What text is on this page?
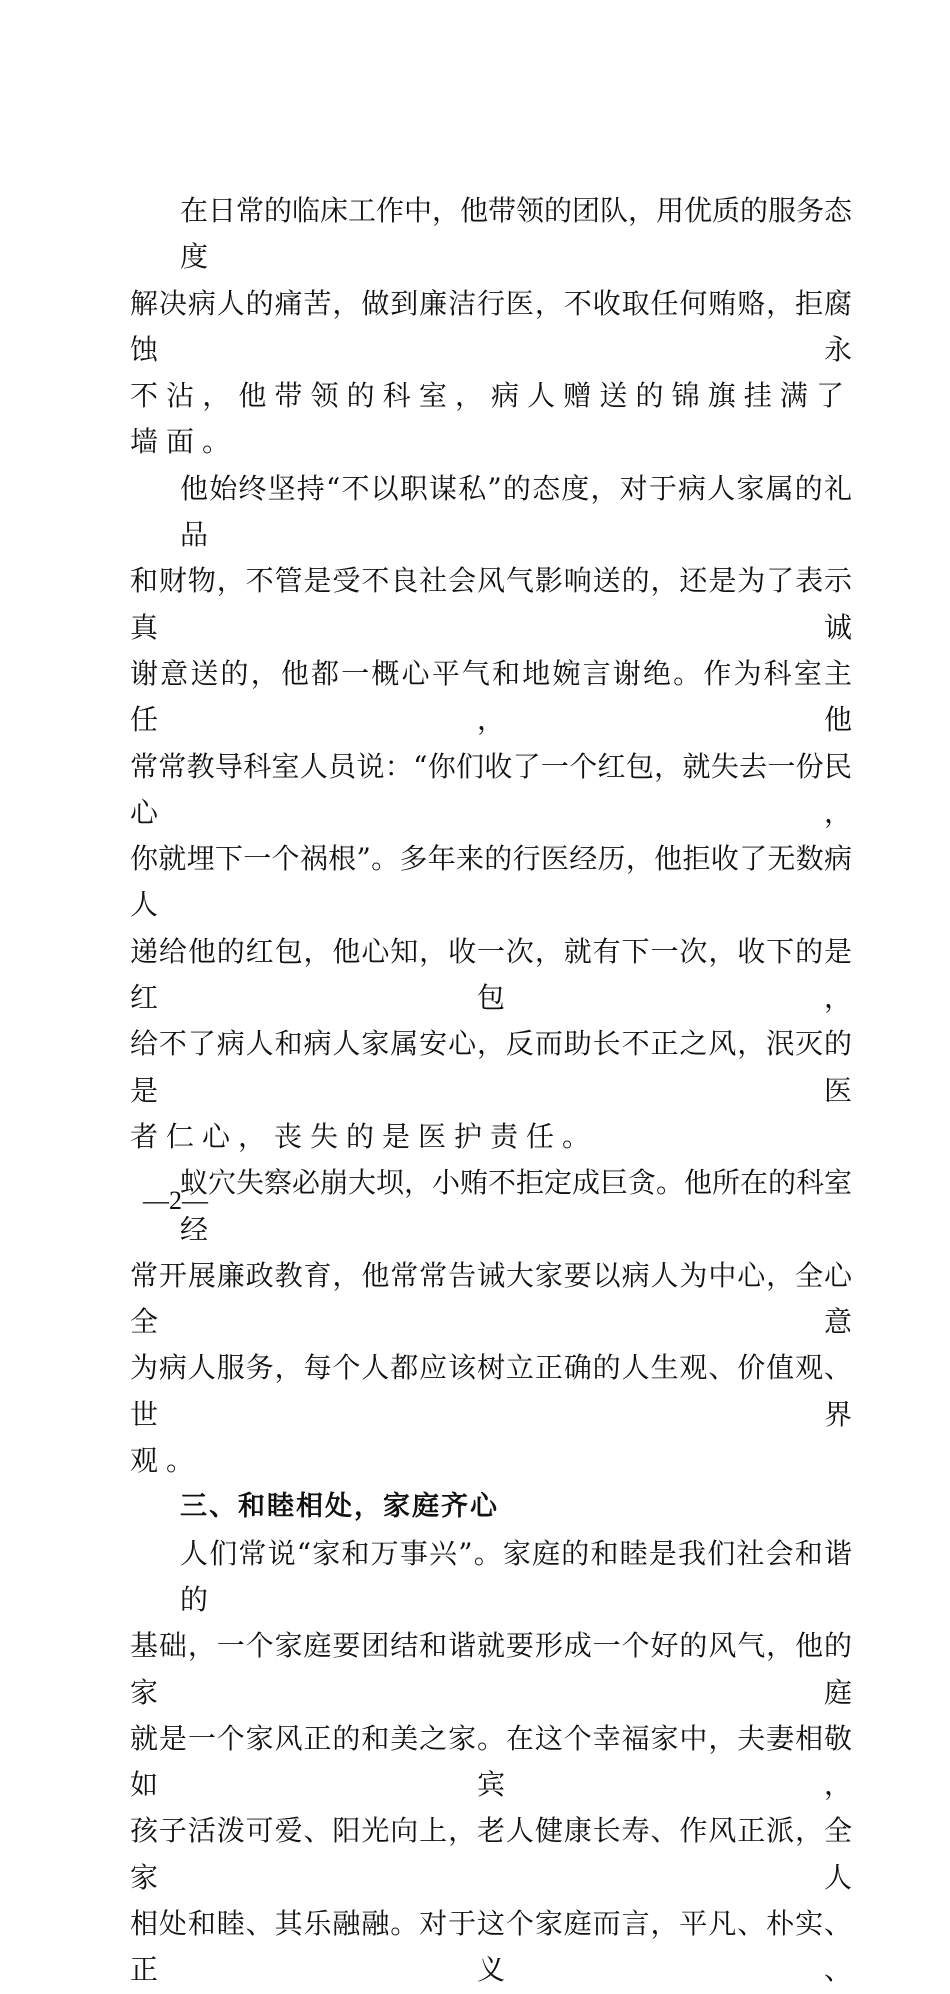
在日常的临床工作中，他带领的团队，用优质的服务态度
解决病人的痛苦，做到廉洁行医，不收取任何贿赂，拒腐蚀永
不沾，他带领的科室，病人赠送的锦旗挂满了墙面。
他始终坚持“不以职谋私”的态度，对于病人家属的礼品
和财物，不管是受不良社会风气影响送的，还是为了表示真诚
谢意送的，他都一概心平气和地婉言谢绝。作为科室主任，他
常常教导科室人员说：“你们收了一个红包，就失去一份民心，
你就埋下一个祸根”。多年来的行医经历，他拒收了无数病人
递给他的红包，他心知，收一次，就有下一次，收下的是红包，
给不了病人和病人家属安心，反而助长不正之风，泯灭的是医
者仁心，丧失的是医护责任。
蚁穴失察必崩大坝，小贿不拒定成巨贪。他所在的科室经
常开展廉政教育，他常常告诫大家要以病人为中心，全心全意
为病人服务，每个人都应该树立正确的人生观、价值观、世界
观。
三、和睦相处，家庭齐心
人们常说“家和万事兴”。家庭的和睦是我们社会和谐的
基础，一个家庭要团结和谐就要形成一个好的风气，他的家庭
就是一个家风正的和美之家。在这个幸福家中，夫妻相敬如宾，
孩子活泼可爱、阳光向上，老人健康长寿、作风正派，全家人
相处和睦、其乐融融。对于这个家庭而言，平凡、朴实、正义、
—2—
